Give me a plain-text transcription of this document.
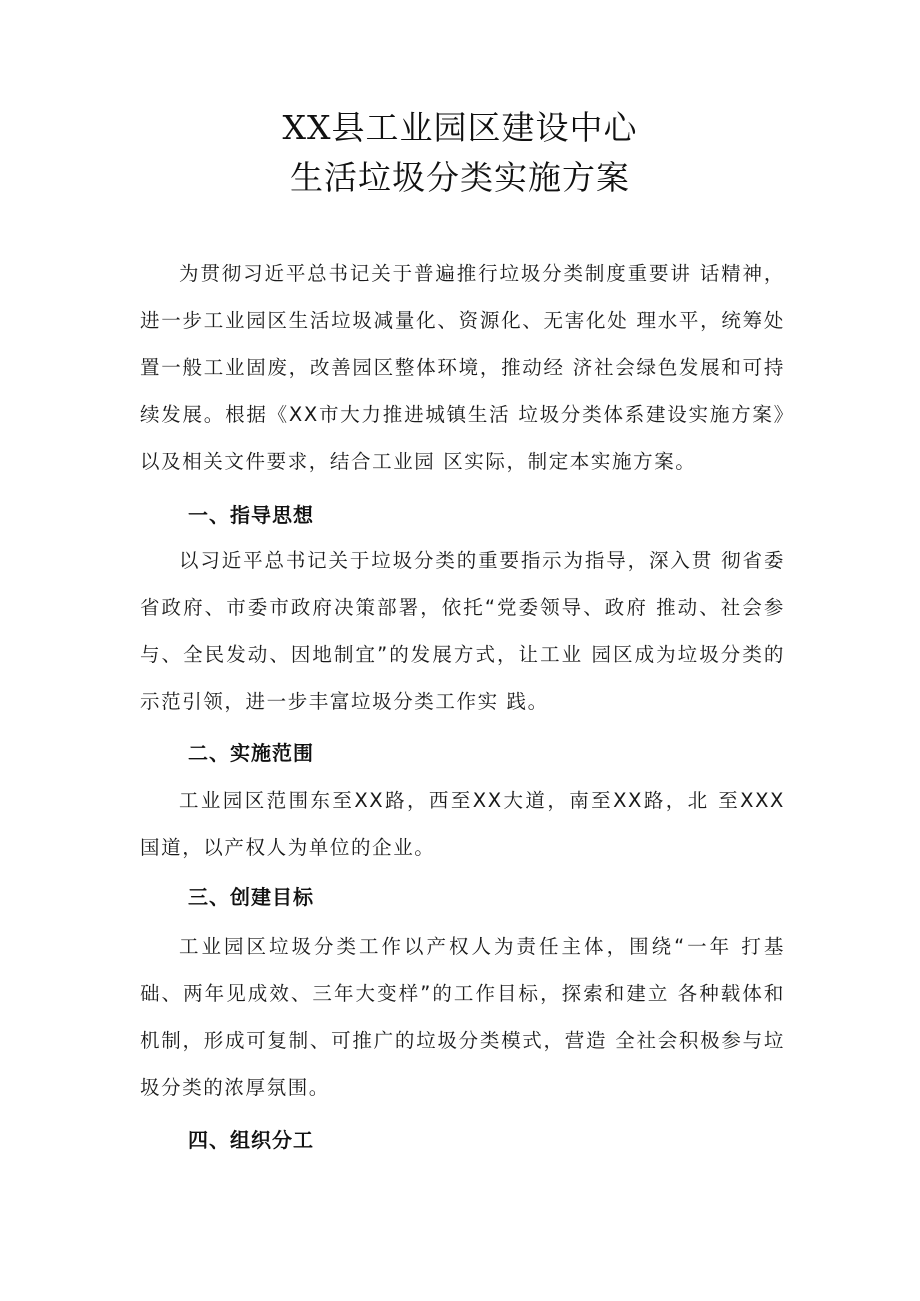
XX县工业园区建设中心
生活垃圾分类实施方案

为贯彻习近平总书记关于普遍推行垃圾分类制度重要讲 话精神，进一步工业园区生活垃圾减量化、资源化、无害化处 理水平，统筹处置一般工业固废，改善园区整体环境，推动经 济社会绿色发展和可持续发展。根据《XX市大力推进城镇生活 垃圾分类体系建设实施方案》以及相关文件要求，结合工业园 区实际，制定本实施方案。

一、指导思想

以习近平总书记关于垃圾分类的重要指示为指导，深入贯 彻省委省政府、市委市政府决策部署，依托“党委领导、政府 推动、社会参与、全民发动、因地制宜”的发展方式，让工业 园区成为垃圾分类的示范引领，进一步丰富垃圾分类工作实 践。

二、实施范围

工业园区范围东至XX路，西至XX大道，南至XX路，北 至XXX国道，以产权人为单位的企业。

三、创建目标

工业园区垃圾分类工作以产权人为责任主体，围绕“一年 打基础、两年见成效、三年大变样”的工作目标，探索和建立 各种载体和机制，形成可复制、可推广的垃圾分类模式，营造 全社会积极参与垃圾分类的浓厚氛围。

四、组织分工
